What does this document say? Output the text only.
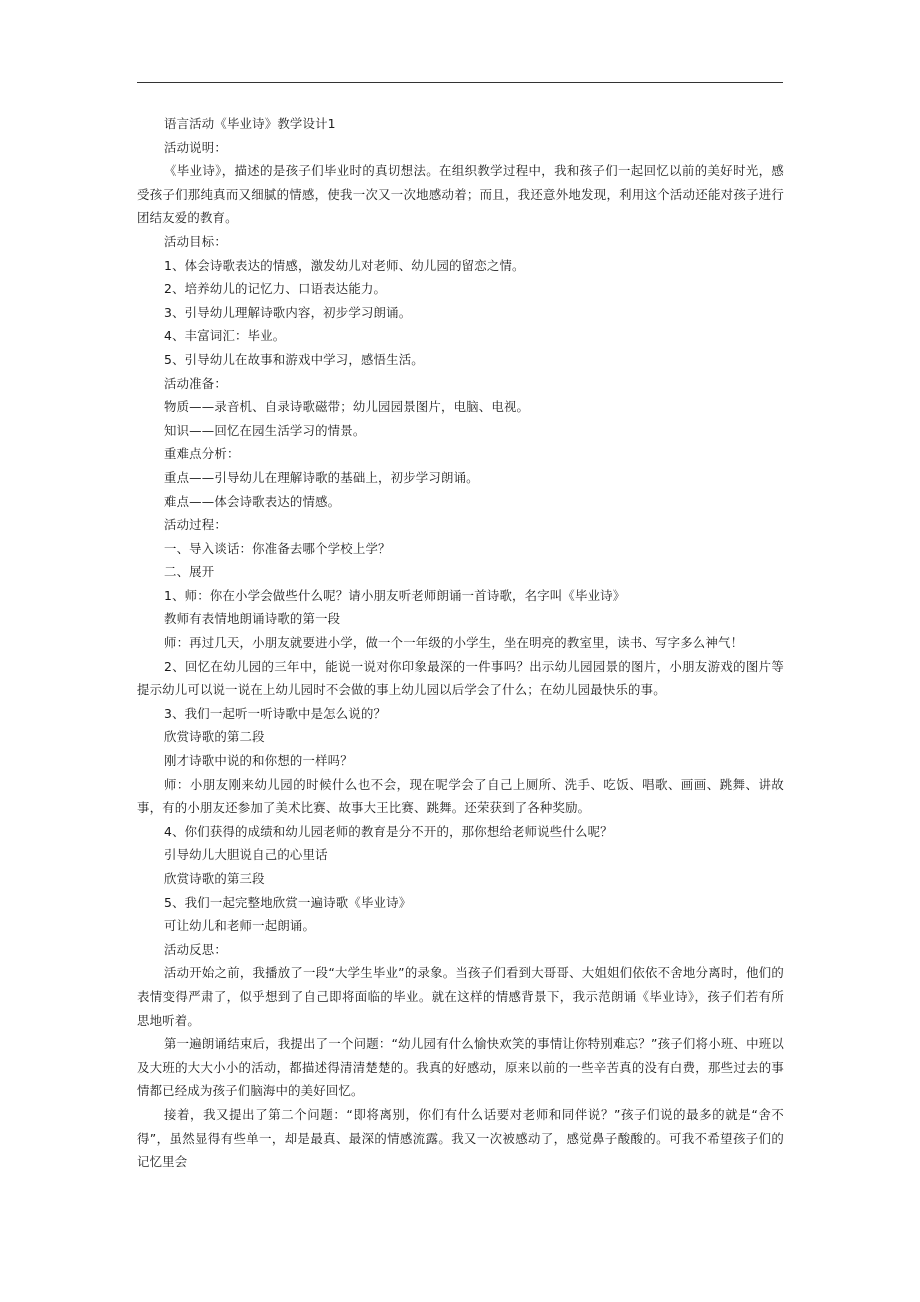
语言活动《毕业诗》教学设计1

活动说明：

《毕业诗》，描述的是孩子们毕业时的真切想法。在组织教学过程中，我和孩子们一起回忆以前的美好时光，感受孩子们那纯真而又细腻的情感，使我一次又一次地感动着；而且，我还意外地发现，利用这个活动还能对孩子进行团结友爱的教育。

活动目标：

1、体会诗歌表达的情感，激发幼儿对老师、幼儿园的留恋之情。

2、培养幼儿的记忆力、口语表达能力。

3、引导幼儿理解诗歌内容，初步学习朗诵。

4、丰富词汇：毕业。

5、引导幼儿在故事和游戏中学习，感悟生活。

活动准备：

物质——录音机、自录诗歌磁带；幼儿园园景图片，电脑、电视。

知识——回忆在园生活学习的情景。

重难点分析：

重点——引导幼儿在理解诗歌的基础上，初步学习朗诵。

难点——体会诗歌表达的情感。

活动过程：

一、导入谈话：你准备去哪个学校上学？

二、展开

1、师：你在小学会做些什么呢？请小朋友听老师朗诵一首诗歌，名字叫《毕业诗》

教师有表情地朗诵诗歌的第一段

师：再过几天，小朋友就要进小学，做一个一年级的小学生，坐在明亮的教室里，读书、写字多么神气！

2、回忆在幼儿园的三年中，能说一说对你印象最深的一件事吗？出示幼儿园园景的图片，小朋友游戏的图片等提示幼儿可以说一说在上幼儿园时不会做的事上幼儿园以后学会了什么；在幼儿园最快乐的事。

3、我们一起听一听诗歌中是怎么说的？

欣赏诗歌的第二段

刚才诗歌中说的和你想的一样吗？

师：小朋友刚来幼儿园的时候什么也不会，现在呢学会了自己上厕所、洗手、吃饭、唱歌、画画、跳舞、讲故事，有的小朋友还参加了美术比赛、故事大王比赛、跳舞。还荣获到了各种奖励。

4、你们获得的成绩和幼儿园老师的教育是分不开的，那你想给老师说些什么呢？

引导幼儿大胆说自己的心里话

欣赏诗歌的第三段

5、我们一起完整地欣赏一遍诗歌《毕业诗》

可让幼儿和老师一起朗诵。

活动反思：

活动开始之前，我播放了一段“大学生毕业”的录象。当孩子们看到大哥哥、大姐姐们依依不舍地分离时，他们的表情变得严肃了，似乎想到了自己即将面临的毕业。就在这样的情感背景下，我示范朗诵《毕业诗》，孩子们若有所思地听着。

第一遍朗诵结束后，我提出了一个问题：“幼儿园有什么愉快欢笑的事情让你特别难忘？”孩子们将小班、中班以及大班的大大小小的活动，都描述得清清楚楚的。我真的好感动，原来以前的一些辛苦真的没有白费，那些过去的事情都已经成为孩子们脑海中的美好回忆。

接着，我又提出了第二个问题：“即将离别，你们有什么话要对老师和同伴说？”孩子们说的最多的就是“舍不得”，虽然显得有些单一，却是最真、最深的情感流露。我又一次被感动了，感觉鼻子酸酸的。可我不希望孩子们的记忆里会
